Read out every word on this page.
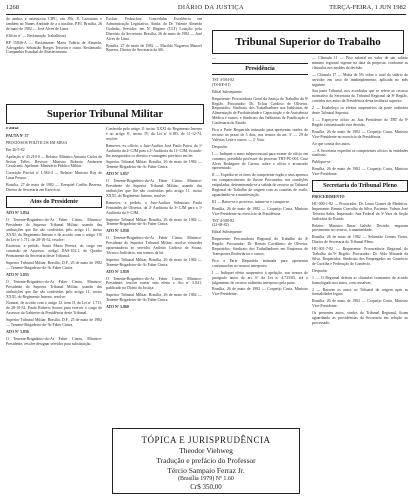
1268	DIÁRIO DA JUSTIÇA	TERÇA-FEIRA, 1 JUN 1982

do ambos e assessorou CIPC, em JNs, E. Lazzarino e também no Nunes Andrade de a a auxiliar. P.P.I. Brasília, 26 de maio de 1982 — José Alves de Lima.

(Ofício nº — Reclamação Trabalhista)

RP 15846-A — Reclamante: Maria Valéria de Almeida. Advogados: Sebastião Borges Teixeira e outro. Reclamado: Companhia Estadual de Abastecimento.

Excluir: Pedruchos: Concedidas Excelência em Administração Legislativa, Ainda: do Dr. Valente Almeida Godinho, Servidor: em Nº Regime (CLT) Lotação: pelo Diretório da Secretaria. Brasília, 26 de maio de 1982 — José Alves de Lima.

Brasília, 27 de maio de 1982 — Marilda Nogueira Manoel Bezerra, Diretor de Secretaria da SR.

Tribunal Superior do Trabalho

—

Presidência

TST 4-584-82
(TS-RF-81)

Edital Subsequente

Requerente: Procuradoria Geral da Justiça do Trabalho da 8ª Região. Procurador: Dr. Eclair Cardoso de Oliveira. Requeridos: Sindicato dos Trabalhadores nas Indústrias de Alimentação de Produtividade e Capacitação e de Assistência Médica e outros, e Sindicato das Indústrias de Panificação e Confeitaria do Estado.

Fica a Parte Requerida intimada para apresentar razões do recurso no prazo de 5 dias, nos termos do art. 3º — 29 de Valérias Leite e outros — 2º Vara.

Despacho

I — Indiquei o meio subprocessual para exame do ofício em comento, presidido professor do processo TRT-PC-001, Cruz Alves Rodrigues do Carmo, sobre o ofício e arrazoado apresentado.

II — Expediu-se os itens do competente órgão e seus apensos em comparecimento do ilustre Procurador, nas condições estipuladas, determinando-se a subida do recurso ao Tribunal Regional do Trabalho de origem com as cautelas de estilo, aguardando-se a manifestação.

III — Baixe-se o processo, intime-se e cumpra-se.

Brasília, 26 de maio de 1982 — Coqueijo Costa, Ministro Vice-Presidente no exercício da Presidência.

TST 4-588-82
(22-68-82)

Edital Subsequente

Requerente: Procuradoria Regional do Trabalho da 4ª Região. Procurador: Dr. Renato Cavalheiro de Oliveira. Requeridos: Sindicato dos Trabalhadores em Empresas de Transportes Rodoviários e outros.

Fica a Parte Requerida intimada para apresentar contrarrazões ao recurso interposto.

I — Indiquei efeito suspensivo à apelação, nos termos do parágrafo único do art. 6º da Lei nº 4.725/65, até o julgamento do recurso ordinário interposto pela parte.

Brasília, 26 de maio de 1982 — Coqueijo Costa, Ministro Vice-Presidente.

— Cláusula 11 — Piso salarial no valor de um salário mínimo regional vigente na data da proposta, conforme as cláusulas nos moldes da decisão.

— Cláusula 17 — Multa de 5% sobre o total do salário do servidor em caso de inadimplemento, aplicada no mês seguinte.

Sua parte Tribunal, nos acordados que se refere ao recurso normativo da Secretaria do Tribunal Regional da 8ª Região, contidos nos autos da Presidência desta instância superior.

2 — Estabeleço os efeitos suspensivos da parte ordinária deste Tribunal Superior.

3 — Expeça-se ofício ao Juiz Presidente do TRT da 8ª Região comunicando esta decisão.

Brasília, 26 de maio de 1982 — Coqueijo Costa, Ministro Vice-Presidente no exercício da Presidência.

Ao que consta dos autos.

— A Secretaria expedirá os competentes ofícios às entidades sindicais.

Publique-se

Brasília, 26 de maio de 1982 — Coqueijo Costa, Ministro Vice-Presidente.

Secretaria do Tribunal Pleno

PROCEDIMENTO

HC-000-1-82 — Procurador: Dr. Lauro Gomes de Medeiros. Impetrante: Renato Carvalho da Silva. Paciente: Valmir José Teixeira Sales. Impetrado: Juiz Federal da 3ª Vara da Seção Judiciária do Estado.

Relator: Ministro Ilmar Galvão. Decisão: negaram provimento ao recurso, à unanimidade.

Brasília, 26 de maio de 1982 — Sebastião Gomes Vieira, Diretor de Secretaria do Tribunal Pleno.

HC-001-7-82 — Requerente: Procuradoria Regional do Trabalho da 9ª Região. Procurador: Dr. Aldo Miranda da Silva. Requeridos: Sindicato dos Empregados no Comércio de Curitiba e Federação do Comércio.

Despacho

1 — O Regional deferiu as cláusulas constantes do acordo homologado nos autos, com ressalvas.

2 — Baixem os autos ao Tribunal de origem após as formalidades legais.

Brasília, 26 de maio de 1982 — Coqueijo Costa, Ministro Vice-Presidente.

Os presentes autos, vindos do Tribunal Regional, ficam aguardando as providências da Secretaria em relação ao processado.

Superior Tribunal Militar

Pauta

PAUTA Nº 57

PROCESSOS POLÍTICOS EM MESA

Em 26-5-82

Apelação nº 43.210-0 — Relator: Ministro Antonio Carlos de Seixas Telles. Revisor: Ministro Roberto Andersen Cavalcanti. Apelante: Ministério Público Militar.

Correição Parcial nº 1.584-4 — Relator: Ministro Ruy de Lima Pessoa.

Brasília, 27 de maio de 1982 — Ezequiel Coelho Bezerra, Diretor de Secretaria em Exercício.

Atos do Presidente

ATO Nº 5.854

O Tenente-Brigadeiro-do-Ar Faber Cintra, Ministro-Presidente do Superior Tribunal Militar, usando das atribuições que lhe são conferidas pelo artigo 11, inciso XXXI, do Regimento Interno e de acordo com o artigo 110 da Lei nº 1.711, de 28-10-52, resolve:

Exonerar, a pedido, Sonia Maria Pereira, do cargo em comissão de Assessor, código DAS-102.1, do Quadro Permanente da Secretaria deste Tribunal.

Superior Tribunal Militar, Brasília, D.F., 25 de maio de 1982 — Tenente-Brigadeiro-do-Ar Faber Cintra.

ATO Nº 5.855

O Tenente-Brigadeiro-do-Ar Faber Cintra, Ministro-Presidente do Superior Tribunal Militar, usando das atribuições que lhe são conferidas pelo artigo 11, inciso XXXI, do Regimento Interno, resolve:

Nomear, de acordo com o artigo 12, item II, da Lei nº 1.711, de 28-10-52, Paulo Roberto Soares para exercer o cargo de Assessor do Gabinete da Presidência deste Tribunal.

Superior Tribunal Militar, Brasília, D.F., 25 de maio de 1982 — Tenente-Brigadeiro-do-Ar Faber Cintra.

ATO Nº 5.856

O Tenente-Brigadeiro-do-Ar Faber Cintra, Ministro-Presidente, resolve designar servidor para substituição.

Conferido pelo artigo 11 inciso XXXI do Regimento Interno e ao artigo 8º, inciso IV, da Lei nº 6.185, de 11-12-74, resolve:

Remover, ex officio, o Juiz-Auditor José Paulo Paiva, da 1ª Auditoria da 2ª CJM para a 2ª Auditoria da 11ª CJM, ficando-lhe assegurados os direitos e vantagens previstos em lei.

Superior Tribunal Militar, Brasília, 26 de maio de 1982 — Tenente-Brigadeiro-do-Ar Faber Cintra.

ATO Nº 5.857

O Tenente-Brigadeiro-do-Ar Faber Cintra, Ministro-Presidente do Superior Tribunal Militar, usando das atribuições que lhe são conferidas pelo artigo 11, inciso XXXI, do Regimento Interno, resolve:

Remover, a pedido, o Juiz-Auditor Substituto Paulo Fernandes de Oliveira, da 2ª Auditoria da 3ª CJM para a 1ª Auditoria da 3ª CJM.

Superior Tribunal Militar, Brasília, 26 de maio de 1982 — Tenente-Brigadeiro-do-Ar Faber Cintra.

ATO Nº 5.858

O Tenente-Brigadeiro-do-Ar Faber Cintra, Ministro-Presidente do Superior Tribunal Militar, resolve conceder aposentadoria ao servidor Antônio Cardoso de Souza, Técnico Judiciário, nos termos da lei.

Superior Tribunal Militar, Brasília, 26 de maio de 1982 — Tenente-Brigadeiro-do-Ar Faber Cintra.

ATO Nº 5.859

O Tenente-Brigadeiro-do-Ar Faber Cintra, Ministro-Presidente, resolve tornar sem efeito o Ato nº 5.841, publicado no Diário da Justiça.

Superior Tribunal Militar, Brasília, 26 de maio de 1982 — Tenente-Brigadeiro-do-Ar Faber Cintra.

ATO Nº 5.860

TÓPICA E JURISPRUDÊNCIA
Theodor Viehweg
Tradução e prefácio do Professor
Tércio Sampaio Ferraz Jr.
(Brasília 1979) Nº 1.60
Cr$ 350,00
